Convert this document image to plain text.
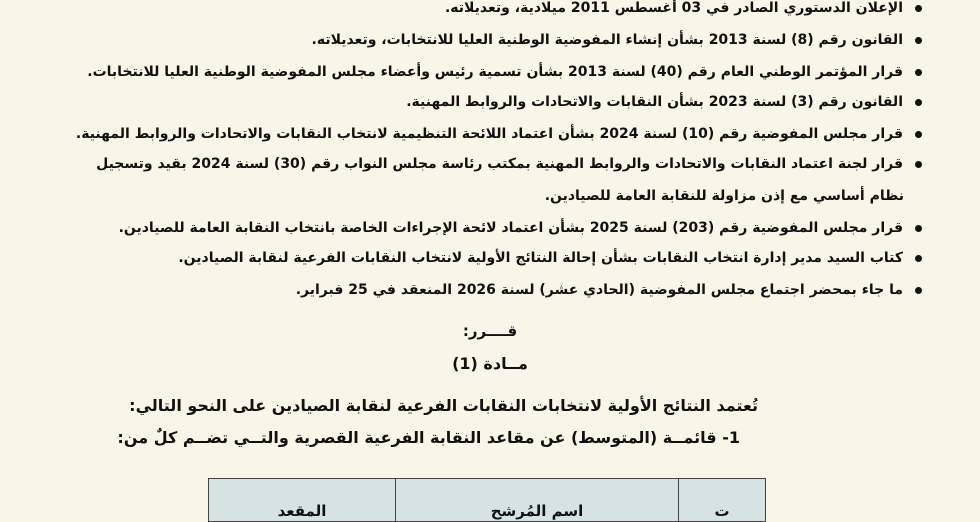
الإعلان الدستوري الصادر في 03 أغسطس 2011 ميلادية، وتعديلاته.
القانون رقم (8) لسنة 2013 بشأن إنشاء المفوضية الوطنية العليا للانتخابات، وتعديلاته.
قرار المؤتمر الوطني العام رقم (40) لسنة 2013 بشأن تسمية رئيس وأعضاء مجلس المفوضية الوطنية العليا للانتخابات.
القانون رقم (3) لسنة 2023 بشأن النقابات والاتحادات والروابط المهنية.
قرار مجلس المفوضية رقم (10) لسنة 2024 بشأن اعتماد اللائحة التنظيمية لانتخاب النقابات والاتحادات والروابط المهنية.
قرار لجنة اعتماد النقابات والاتحادات والروابط المهنية بمكتب رئاسة مجلس النواب رقم (30) لسنة 2024 بقيد وتسجيل
نظام أساسي مع إذن مزاولة للنقابة العامة للصيادين.
قرار مجلس المفوضية رقم (203) لسنة 2025 بشأن اعتماد لائحة الإجراءات الخاصة بانتخاب النقابة العامة للصيادين.
كتاب السيد مدير إدارة انتخاب النقابات بشأن إحالة النتائج الأولية لانتخاب النقابات الفرعية لنقابة الصيادين.
ما جاء بمحضر اجتماع مجلس المفوضية (الحادي عشر) لسنة 2026 المنعقد في 25 فبراير.
قــــرر:
مــادة (1)
تُعتمد النتائج الأولية لانتخابات النقابات الفرعية لنقابة الصيادين على النحو التالي:
1- قائمــة (المتوسط) عن مقاعد النقابة الفرعية القصرية والتــي تضــم كلٌ من:
ت	اسم المُرشح	المقعد
